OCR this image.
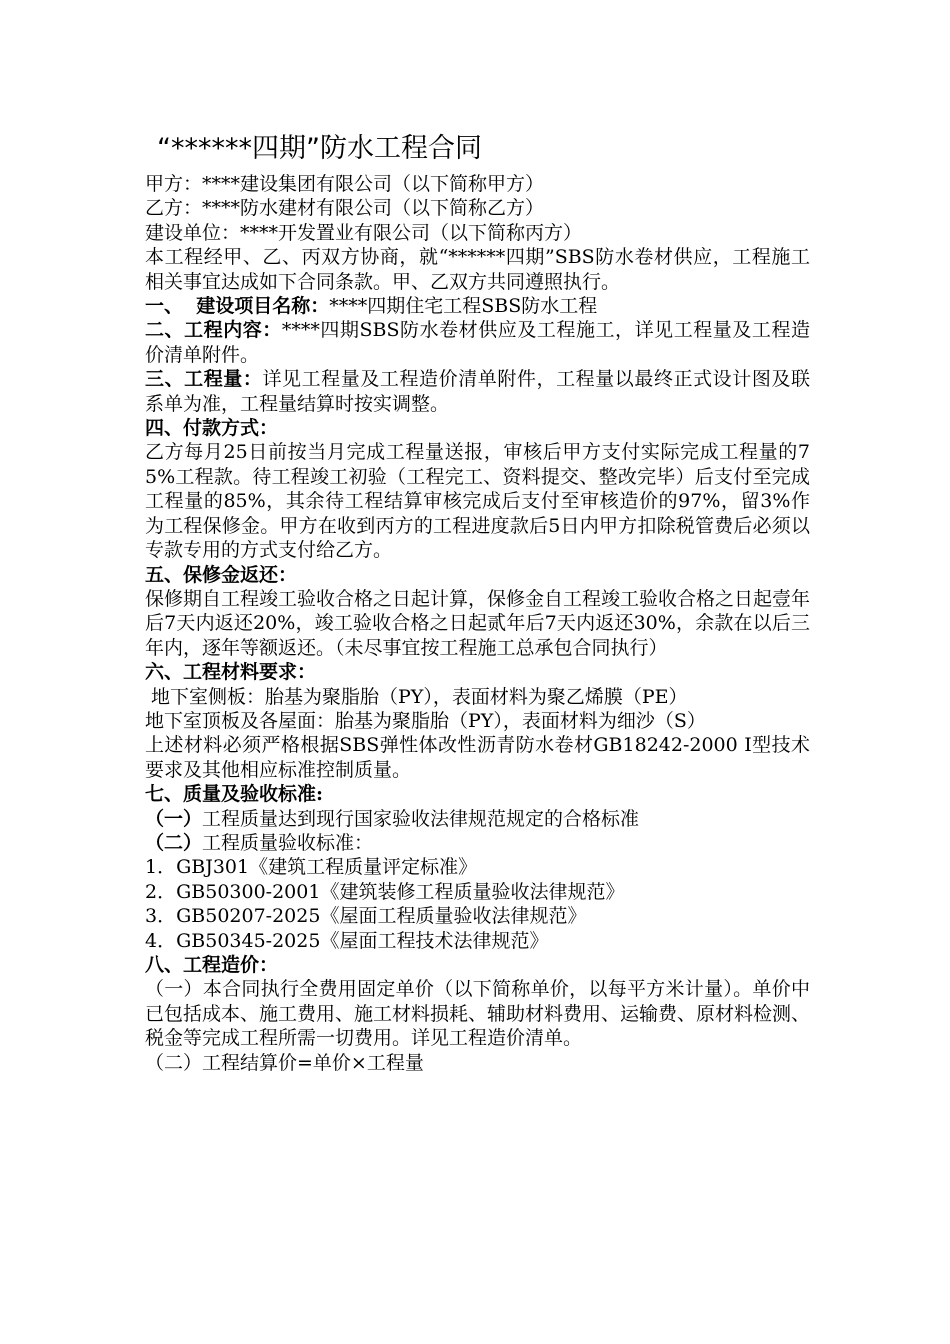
“******四期”防水工程合同

甲方：****建设集团有限公司（以下简称甲方）

乙方：****防水建材有限公司（以下简称乙方）

建设单位：****开发置业有限公司（以下简称丙方）

本工程经甲、乙、丙双方协商，就“******四期”SBS防水卷材供应，工程施工相关事宜达成如下合同条款。甲、乙双方共同遵照执行。

一、  建设项目名称：****四期住宅工程SBS防水工程

二、工程内容：****四期SBS防水卷材供应及工程施工，详见工程量及工程造价清单附件。

三、工程量：详见工程量及工程造价清单附件，工程量以最终正式设计图及联系单为准，工程量结算时按实调整。

四、付款方式：

乙方每月25日前按当月完成工程量送报，审核后甲方支付实际完成工程量的75%工程款。待工程竣工初验（工程完工、资料提交、整改完毕）后支付至完成工程量的85%，其余待工程结算审核完成后支付至审核造价的97%，留3%作为工程保修金。甲方在收到丙方的工程进度款后5日内甲方扣除税管费后必须以专款专用的方式支付给乙方。

五、保修金返还：

保修期自工程竣工验收合格之日起计算，保修金自工程竣工验收合格之日起壹年后7天内返还20%，竣工验收合格之日起贰年后7天内返还30%，余款在以后三年内，逐年等额返还。（未尽事宜按工程施工总承包合同执行）

六、工程材料要求：

地下室侧板：胎基为聚脂胎（PY），表面材料为聚乙烯膜（PE）

地下室顶板及各屋面：胎基为聚脂胎（PY），表面材料为细沙（S）

上述材料必须严格根据SBS弹性体改性沥青防水卷材GB18242-2000 I型技术要求及其他相应标准控制质量。

七、质量及验收标准:

（一）工程质量达到现行国家验收法律规范规定的合格标准

（二）工程质量验收标准：

1．GBJ301《建筑工程质量评定标准》

2．GB50300-2001《建筑装修工程质量验收法律规范》

3．GB50207-2025《屋面工程质量验收法律规范》

4．GB50345-2025《屋面工程技术法律规范》

八、工程造价：

（一）本合同执行全费用固定单价（以下简称单价，以每平方米计量）。单价中已包括成本、施工费用、施工材料损耗、辅助材料费用、运输费、原材料检测、税金等完成工程所需一切费用。详见工程造价清单。

（二）工程结算价=单价×工程量
